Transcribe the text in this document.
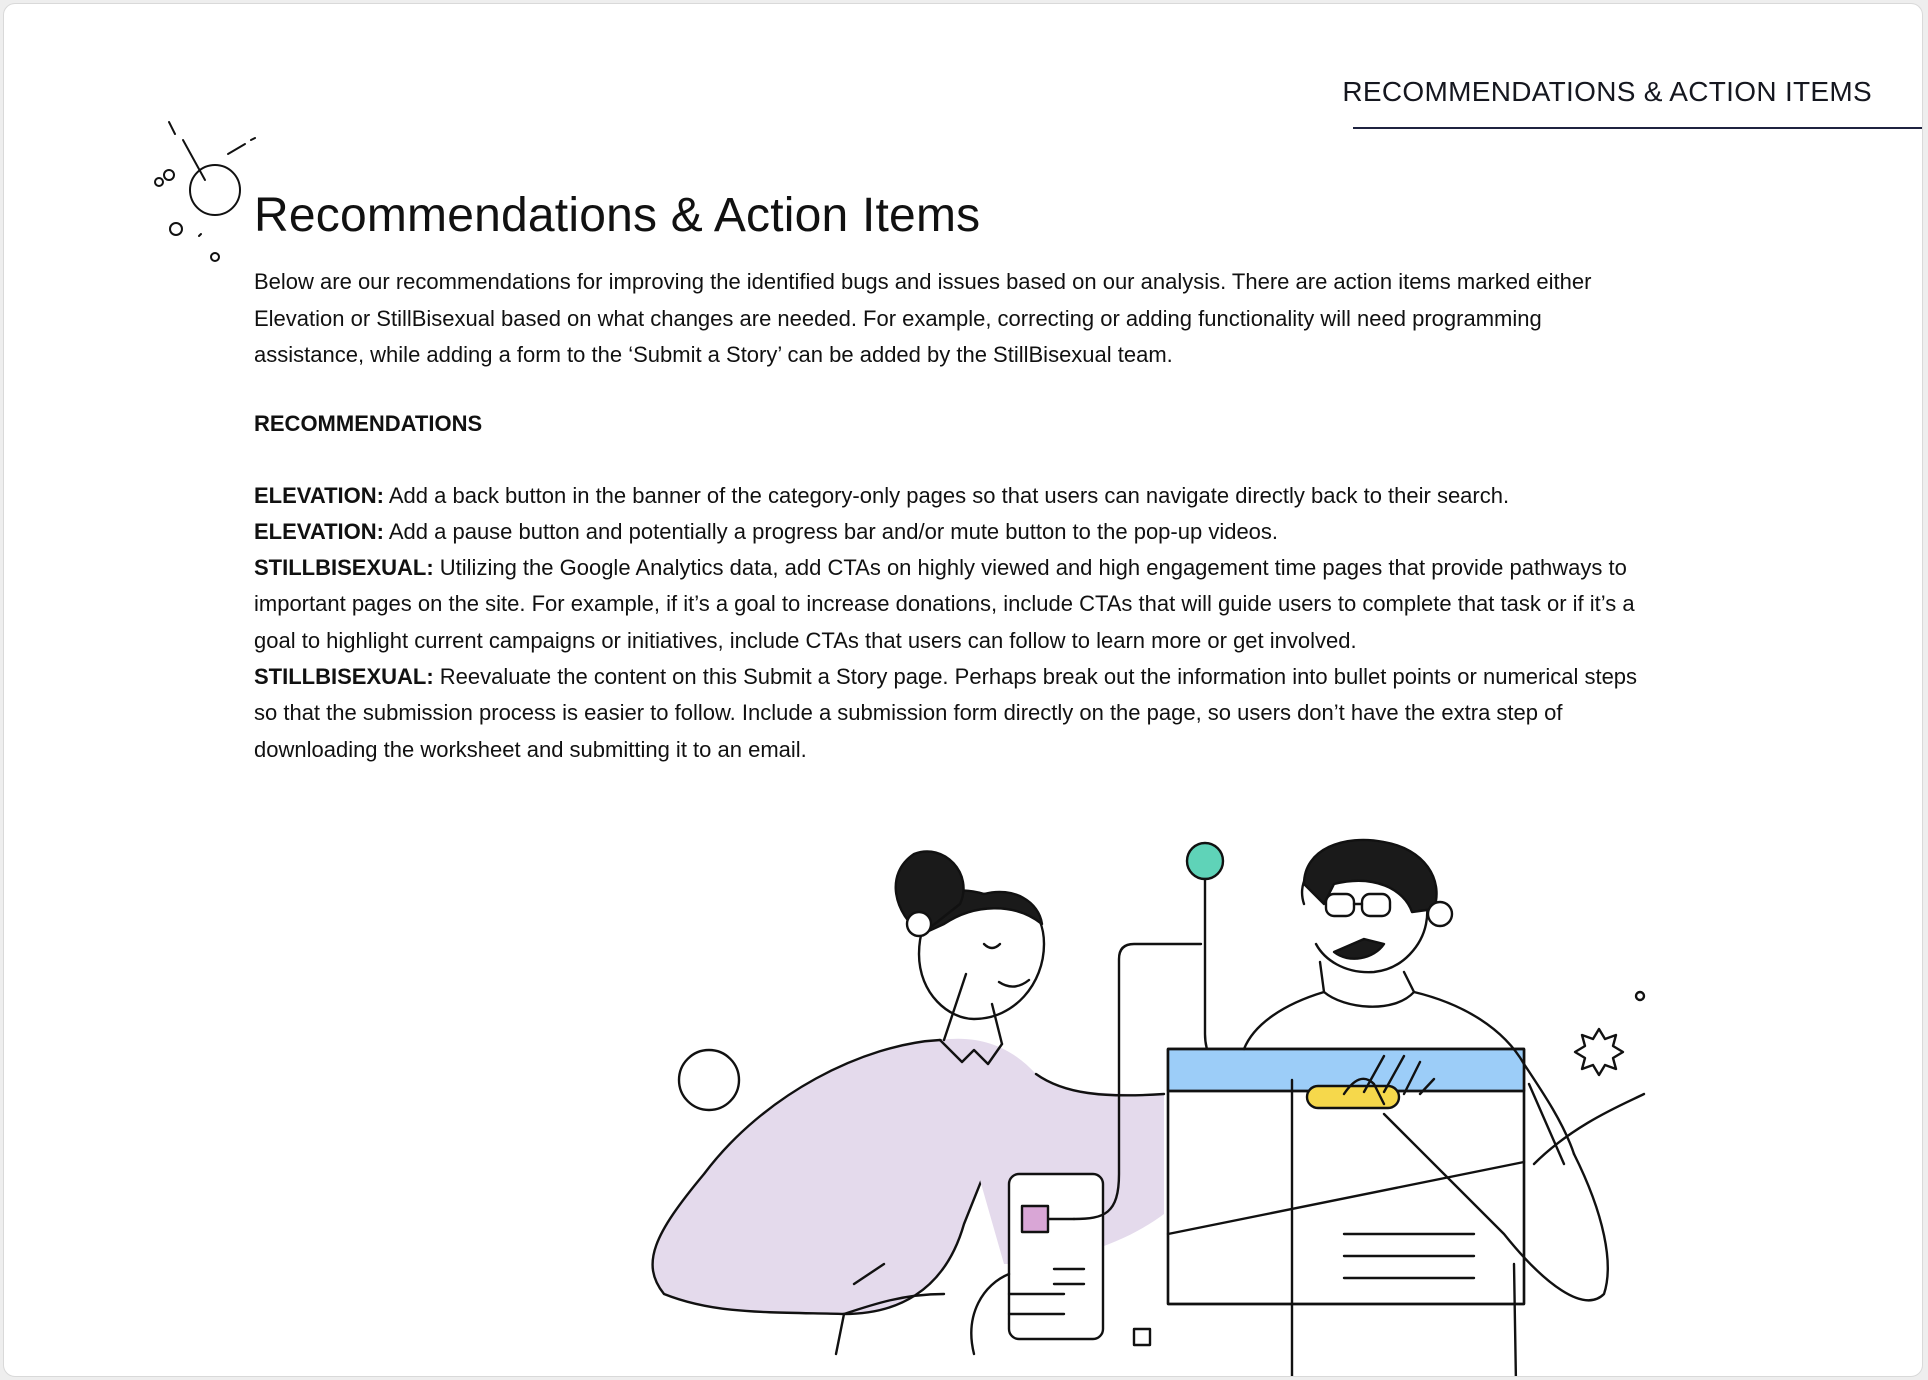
RECOMMENDATIONS & ACTION ITEMS
Recommendations & Action Items

Below are our recommendations for improving the identified bugs and issues based on our analysis. There are action items marked either Elevation or StillBisexual based on what changes are needed. For example, correcting or adding functionality will need programming assistance, while adding a form to the ‘Submit a Story’ can be added by the StillBisexual team.

RECOMMENDATIONS

ELEVATION: Add a back button in the banner of the category-only pages so that users can navigate directly back to their search.

ELEVATION: Add a pause button and potentially a progress bar and/or mute button to the pop-up videos.

STILLBISEXUAL: Utilizing the Google Analytics data, add CTAs on highly viewed and high engagement time pages that provide pathways to important pages on the site. For example, if it’s a goal to increase donations, include CTAs that will guide users to complete that task or if it’s a goal to highlight current campaigns or initiatives, include CTAs that users can follow to learn more or get involved.

STILLBISEXUAL: Reevaluate the content on this Submit a Story page. Perhaps break out the information into bullet points or numerical steps so that the submission process is easier to follow. Include a submission form directly on the page, so users don’t have the extra step of downloading the worksheet and submitting it to an email.
